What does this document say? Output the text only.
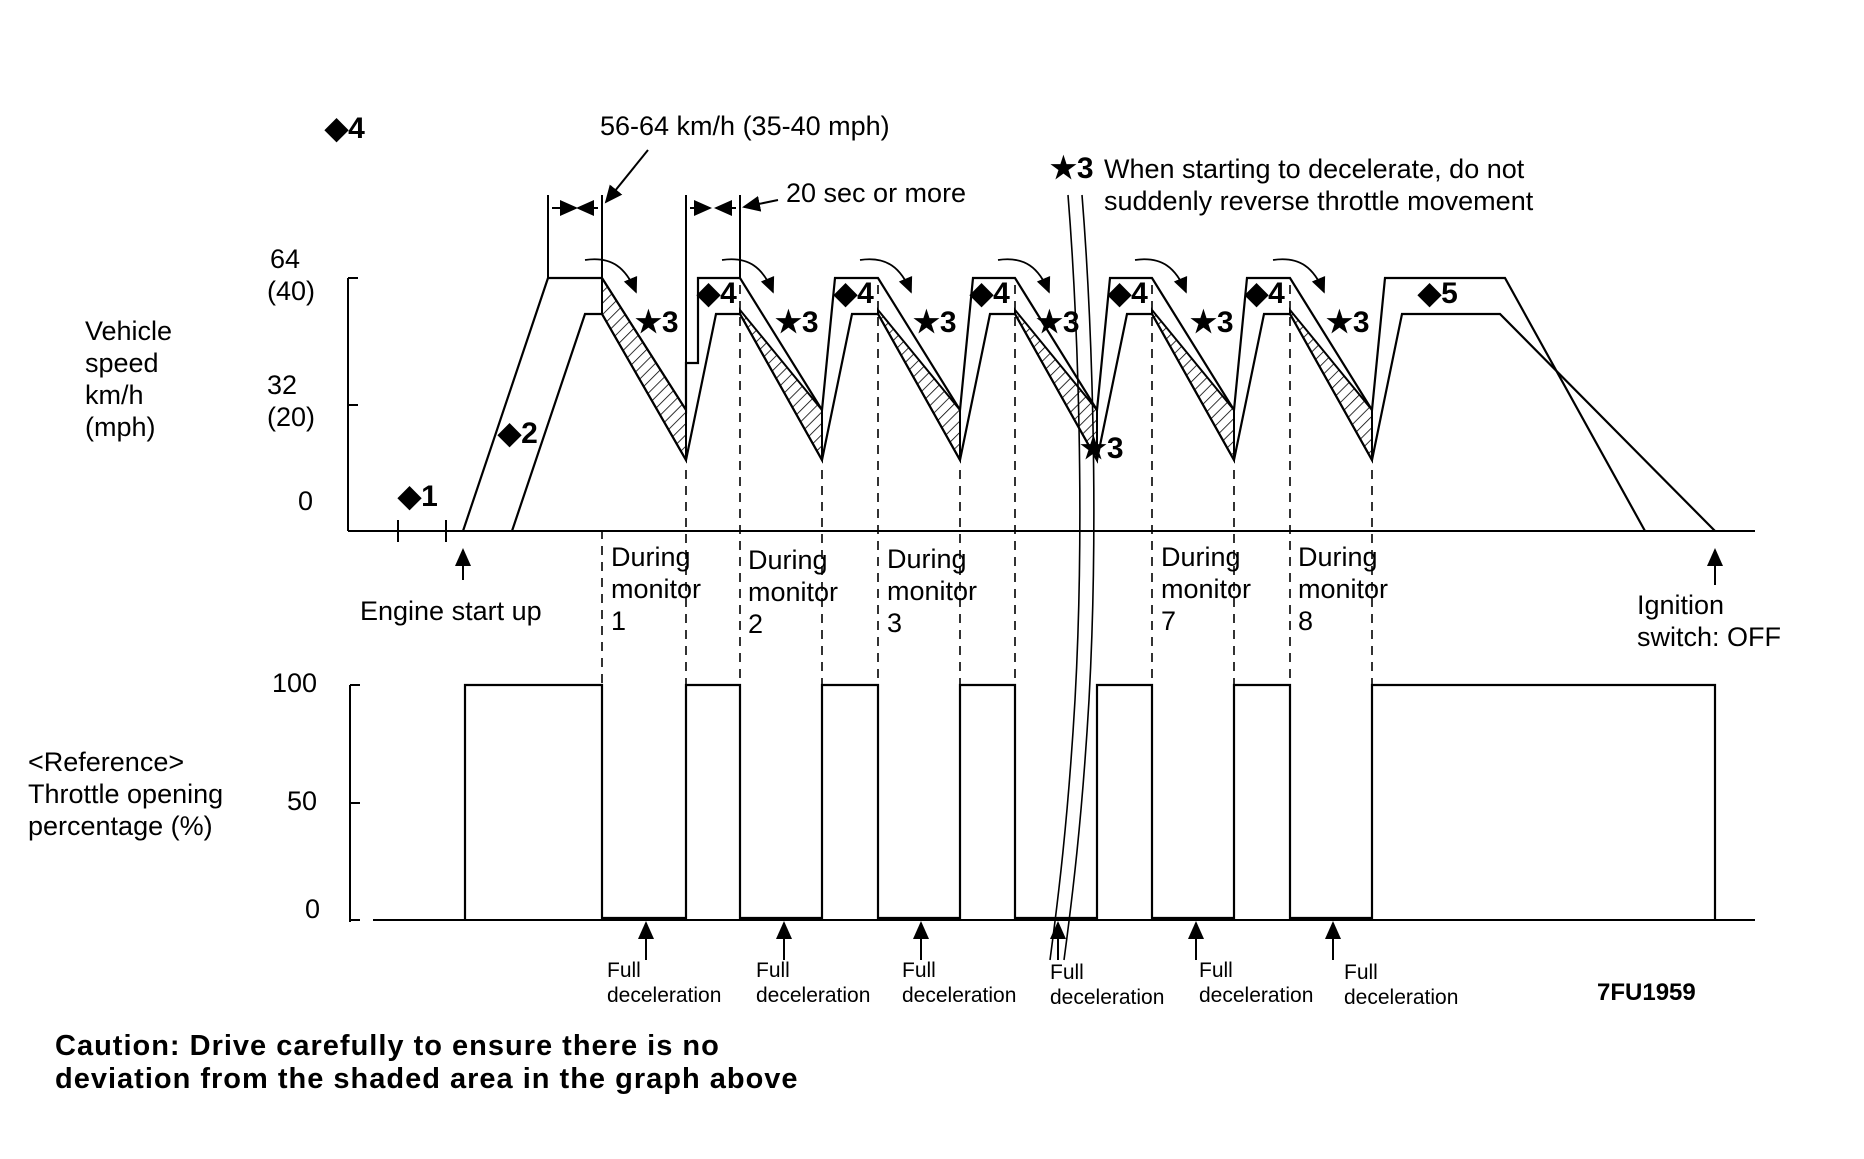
Vehicle speed km/h (mph)
64 (40)
32 (20)
0
56-64 km/h (35-40 mph)
20 sec or more
◆4
◆1
◆2
◆5
◆4	◆4	◆4	◆4	◆4
★3	★3	★3	★3	★3	★3
★3
★3 When starting to decelerate, do not suddenly reverse throttle movement
Engine start up	Ignition switch: OFF
During monitor 1
During monitor 2
During monitor 3
During monitor 7
During monitor 8
<Reference> Throttle opening percentage (%)
100
50
0
Full deceleration
Full deceleration
Full deceleration
Full deceleration
Full deceleration
Full deceleration	7FU1959
Caution: Drive carefully to ensure there is no
deviation from the shaded area in the graph above
